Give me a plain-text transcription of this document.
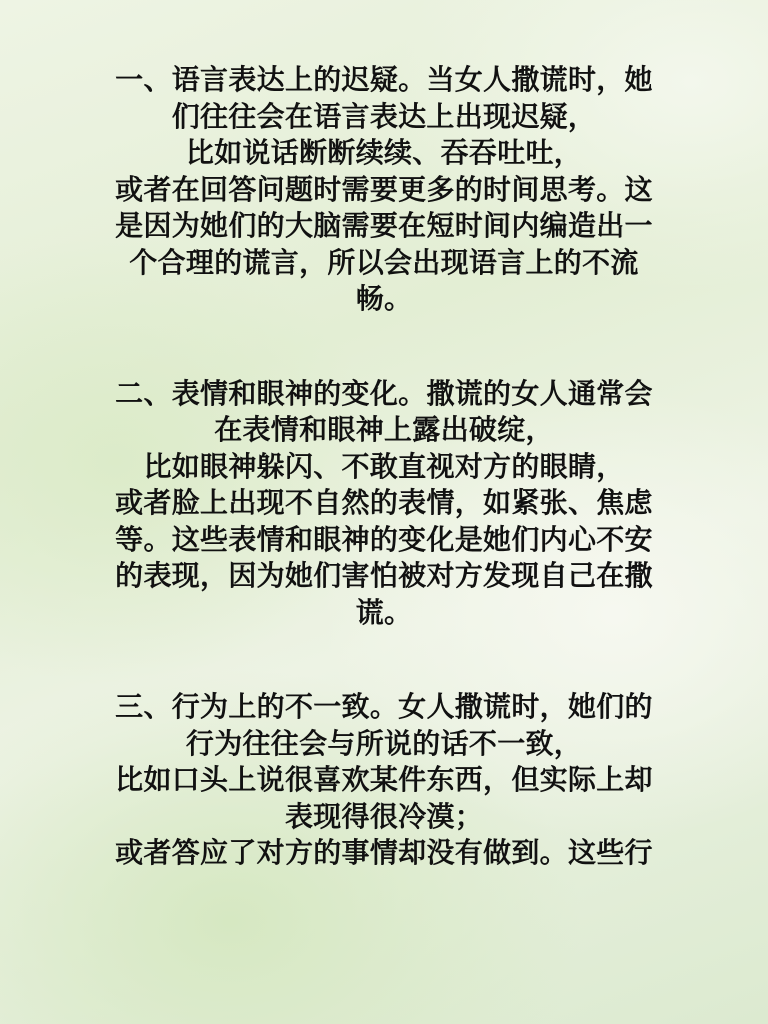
一、语言表达上的迟疑。当女人撒谎时，她
们往往会在语言表达上出现迟疑，
比如说话断断续续、吞吞吐吐，
或者在回答问题时需要更多的时间思考。这
是因为她们的大脑需要在短时间内编造出一
个合理的谎言，所以会出现语言上的不流
畅。
二、表情和眼神的变化。撒谎的女人通常会
在表情和眼神上露出破绽，
比如眼神躲闪、不敢直视对方的眼睛，
或者脸上出现不自然的表情，如紧张、焦虑
等。这些表情和眼神的变化是她们内心不安
的表现，因为她们害怕被对方发现自己在撒
谎。
三、行为上的不一致。女人撒谎时，她们的
行为往往会与所说的话不一致，
比如口头上说很喜欢某件东西，但实际上却
表现得很冷漠；
或者答应了对方的事情却没有做到。这些行
